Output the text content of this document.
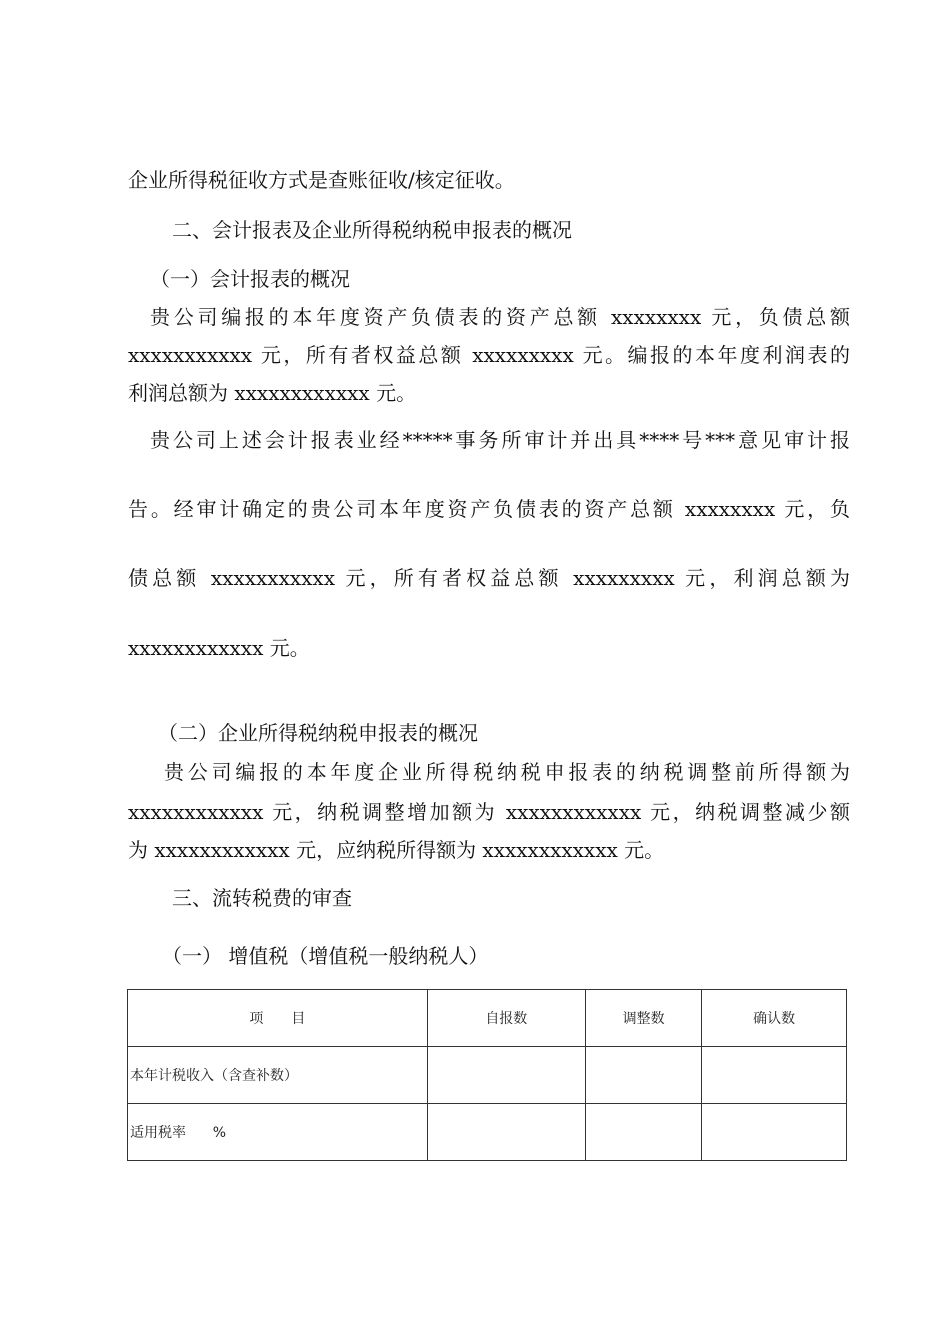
企业所得税征收方式是查账征收/核定征收。
二、会计报表及企业所得税纳税申报表的概况
（一）会计报表的概况
贵公司编报的本年度资产负债表的资产总额 xxxxxxxx 元，负债总额
xxxxxxxxxxx 元，所有者权益总额 xxxxxxxxx 元。编报的本年度利润表的
利润总额为 xxxxxxxxxxxx 元。
贵公司上述会计报表业经*****事务所审计并出具****号***意见审计报
告。经审计确定的贵公司本年度资产负债表的资产总额 xxxxxxxx 元，负
债总额 xxxxxxxxxxx 元，所有者权益总额 xxxxxxxxx 元，利润总额为
xxxxxxxxxxxx 元。
（二）企业所得税纳税申报表的概况
贵公司编报的本年度企业所得税纳税申报表的纳税调整前所得额为
xxxxxxxxxxxx 元，纳税调整增加额为 xxxxxxxxxxxx 元，纳税调整减少额
为 xxxxxxxxxxxx 元，应纳税所得额为 xxxxxxxxxxxx 元。
三、流转税费的审查
（一） 增值税（增值税一般纳税人）
项　　目	自报数	调整数	确认数
本年计税收入（含查补数）			
适用税率      %			
